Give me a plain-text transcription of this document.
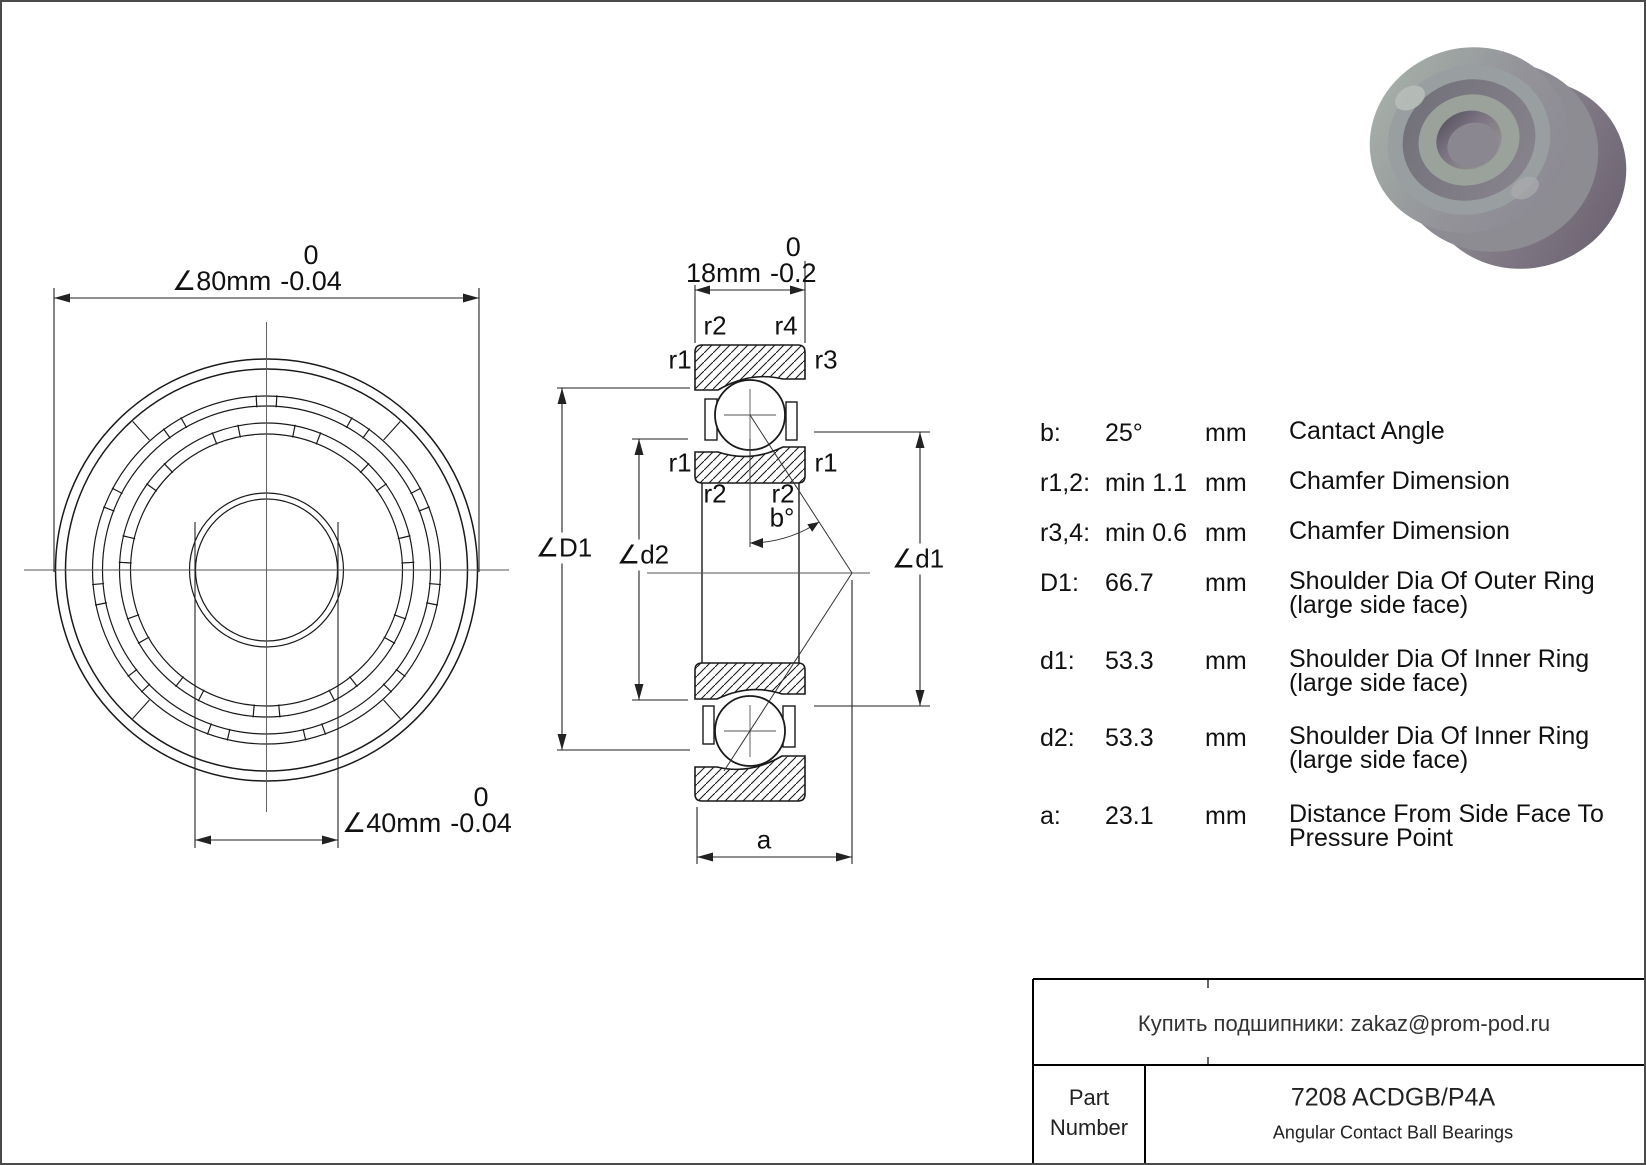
∠80mm
0
-0.04
∠40mm
0
-0.04
18mm
0
-0.2
r2 r4
r1	r3
r1	r1
r2 r2
b°
∠D1 ∠d2	∠d1
a
b: 25° mm Cantact Angle
r1,2: min 1.1 mm Chamfer Dimension
r3,4: min 0.6 mm Chamfer Dimension
D1: 66.7 mm Shoulder Dia Of Outer Ring
(large side face)
d1: 53.3 mm Shoulder Dia Of Inner Ring
(large side face)
d2: 53.3 mm Shoulder Dia Of Inner Ring
(large side face)
a: 23.1 mm Distance From Side Face To
Pressure Point
Купить подшипники: zakaz@prom-pod.ru
Part
Number
7208 ACDGB/P4A
Angular Contact Ball Bearings
